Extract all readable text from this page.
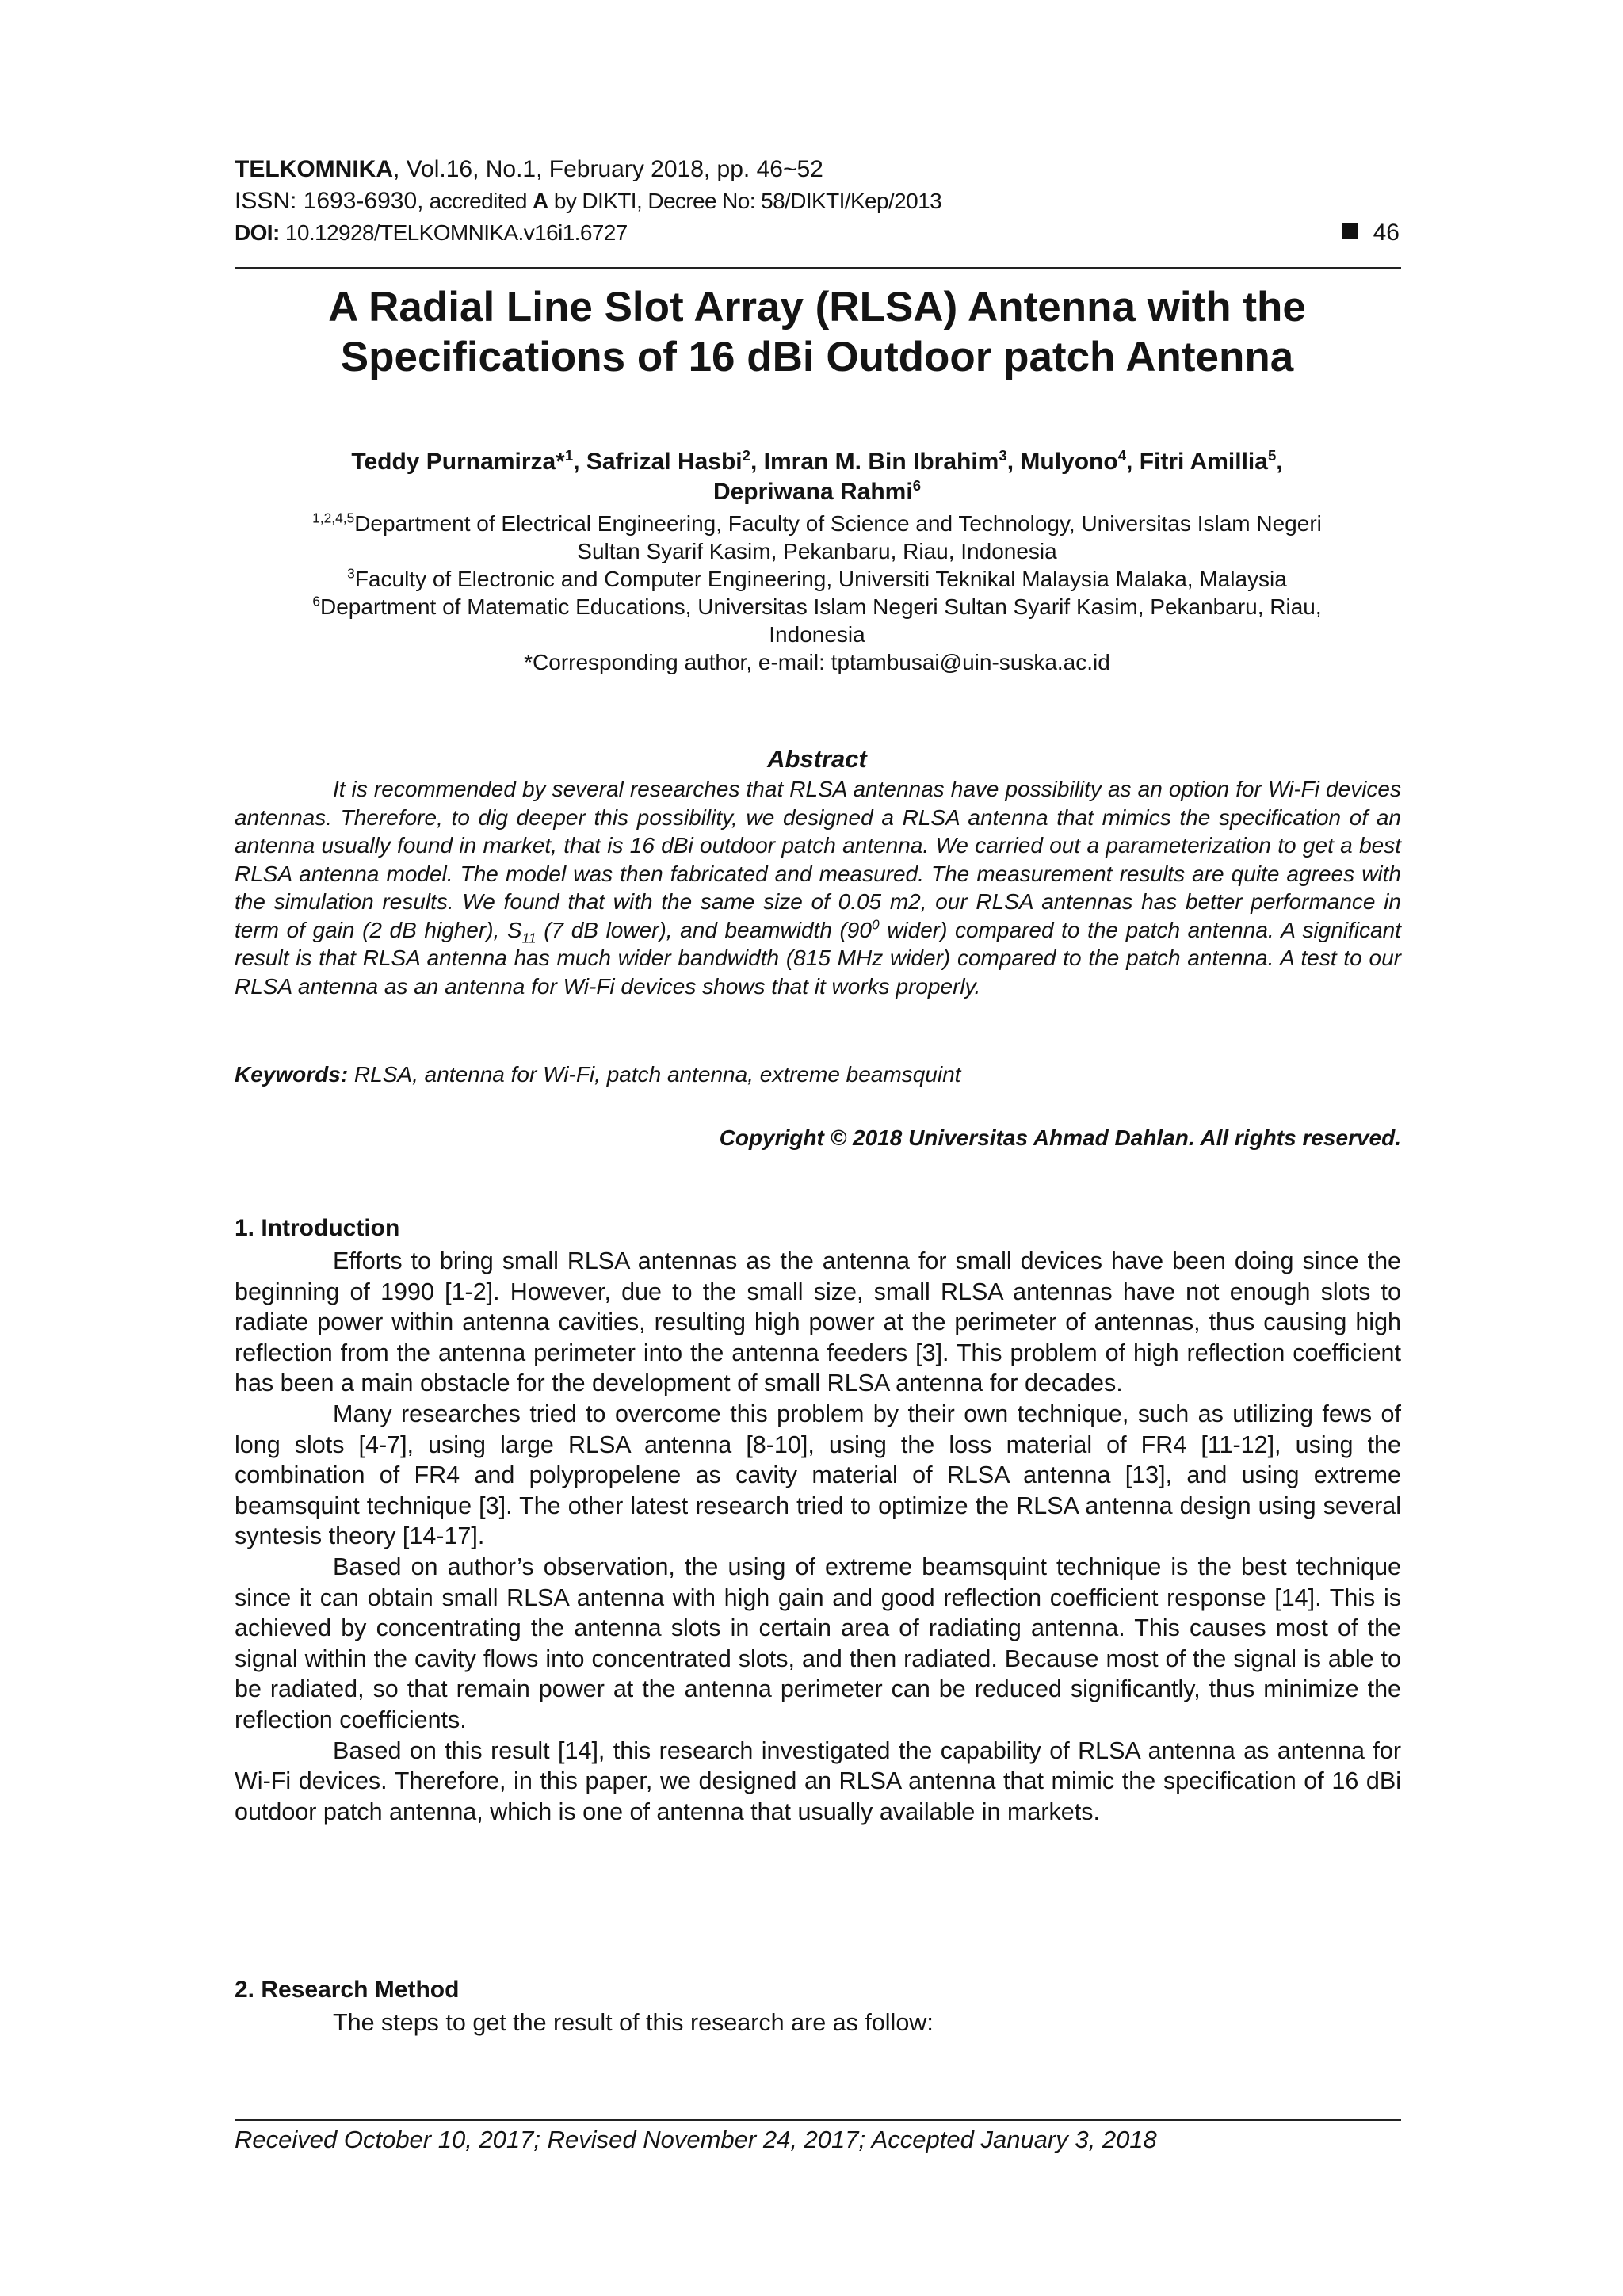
TELKOMNIKA, Vol.16, No.1, February 2018, pp. 46~52
ISSN: 1693-6930, accredited A by DIKTI, Decree No: 58/DIKTI/Kep/2013
DOI: 10.12928/TELKOMNIKA.v16i1.6727	46
A Radial Line Slot Array (RLSA) Antenna with the
Specifications of 16 dBi Outdoor patch Antenna
Teddy Purnamirza*$^1$, Safrizal Hasbi$^2$, Imran M. Bin Ibrahim$^3$, Mulyono$^4$, Fitri Amillia$^5$,
Depriwana Rahmi$^6$
$^{1,2,4,5}$Department of Electrical Engineering, Faculty of Science and Technology, Universitas Islam Negeri
Sultan Syarif Kasim, Pekanbaru, Riau, Indonesia
$^3$Faculty of Electronic and Computer Engineering, Universiti Teknikal Malaysia Malaka, Malaysia
$^6$Department of Matematic Educations, Universitas Islam Negeri Sultan Syarif Kasim, Pekanbaru, Riau,
Indonesia
*Corresponding author, e-mail: tptambusai@uin-suska.ac.id
Abstract
It is recommended by several researches that RLSA antennas have possibility as an option for Wi-Fi devices antennas. Therefore, to dig deeper this possibility, we designed a RLSA antenna that mimics the specification of an antenna usually found in market, that is 16 dBi outdoor patch antenna. We carried out a parameterization to get a best RLSA antenna model. The model was then fabricated and measured. The measurement results are quite agrees with the simulation results. We found that with the same size of 0.05 m2, our RLSA antennas has better performance in term of gain (2 dB higher), $S_{11}$ (7 dB lower), and beamwidth ($90^0$ wider) compared to the patch antenna. A significant result is that RLSA antenna has much wider bandwidth (815 MHz wider) compared to the patch antenna. A test to our RLSA antenna as an antenna for Wi-Fi devices shows that it works properly.
Keywords: RLSA, antenna for Wi-Fi, patch antenna, extreme beamsquint
Copyright © 2018 Universitas Ahmad Dahlan. All rights reserved.
1. Introduction

Efforts to bring small RLSA antennas as the antenna for small devices have been doing since the beginning of 1990 [1-2]. However, due to the small size, small RLSA antennas have not enough slots to radiate power within antenna cavities, resulting high power at the perimeter of antennas, thus causing high reflection from the antenna perimeter into the antenna feeders [3]. This problem of high reflection coefficient has been a main obstacle for the development of small RLSA antenna for decades.

Many researches tried to overcome this problem by their own technique, such as utilizing fews of long slots [4-7], using large RLSA antenna [8-10], using the loss material of FR4 [11-12], using the combination of FR4 and polypropelene as cavity material of RLSA antenna [13], and using extreme beamsquint technique [3]. The other latest research tried to optimize the RLSA antenna design using several syntesis theory [14-17].

Based on author’s observation, the using of extreme beamsquint technique is the best technique since it can obtain small RLSA antenna with high gain and good reflection coefficient response [14]. This is achieved by concentrating the antenna slots in certain area of radiating antenna. This causes most of the signal within the cavity flows into concentrated slots, and then radiated. Because most of the signal is able to be radiated, so that remain power at the antenna perimeter can be reduced significantly, thus minimize the reflection coefficients.

Based on this result [14], this research investigated the capability of RLSA antenna as antenna for Wi-Fi devices. Therefore, in this paper, we designed an RLSA antenna that mimic the specification of 16 dBi outdoor patch antenna, which is one of antenna that usually available in markets.

2. Research Method

The steps to get the result of this research are as follow:

Received October 10, 2017; Revised November 24, 2017; Accepted January 3, 2018
